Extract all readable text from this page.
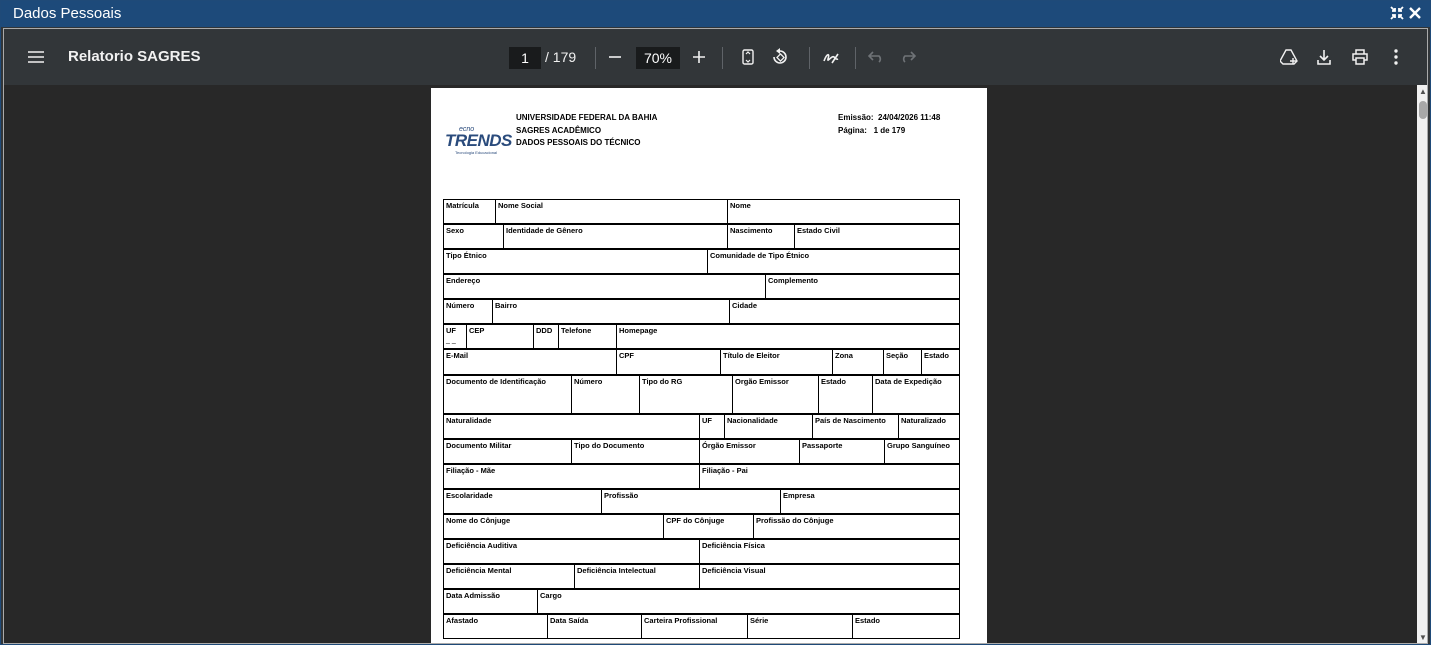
Dados Pessoais
Relatorio SAGRES
1	/ 179
70%
ecno
TRENDS
Tecnologia Educacional
UNIVERSIDADE FEDERAL DA BAHIA
SAGRES ACADÊMICO
DADOS PESSOAIS DO TÉCNICO
Emissão: 24/04/2026 11:48
Página: 1 de 179
Matrícula	Nome Social	Nome
Sexo	Identidade de Gênero	Nascimento	Estado Civil
Tipo Étnico	Comunidade de Tipo Étnico
Endereço	Complemento
Número	Bairro	Cidade
UF	CEP	DDD	Telefone	Homepage
_ _
E-Mail	CPF	Título de Eleitor	Zona	Seção	Estado
Documento de Identificação	Número	Tipo do RG	Orgão Emissor	Estado	Data de Expedição
Naturalidade	UF	Nacionalidade	País de Nascimento	Naturalizado
Documento Militar	Tipo do Documento	Órgão Emissor	Passaporte	Grupo Sanguíneo
Filiação - Mãe	Filiação - Pai
Escolaridade	Profissão	Empresa
Nome do Cônjuge	CPF do Cônjuge	Profissão do Cônjuge
Deficiência Auditiva	Deficiência Física
Deficiência Mental	Deficiência Intelectual	Deficiência Visual
Data Admissão	Cargo
Afastado	Data Saída	Carteira Profissional	Série	Estado
▲
▼
